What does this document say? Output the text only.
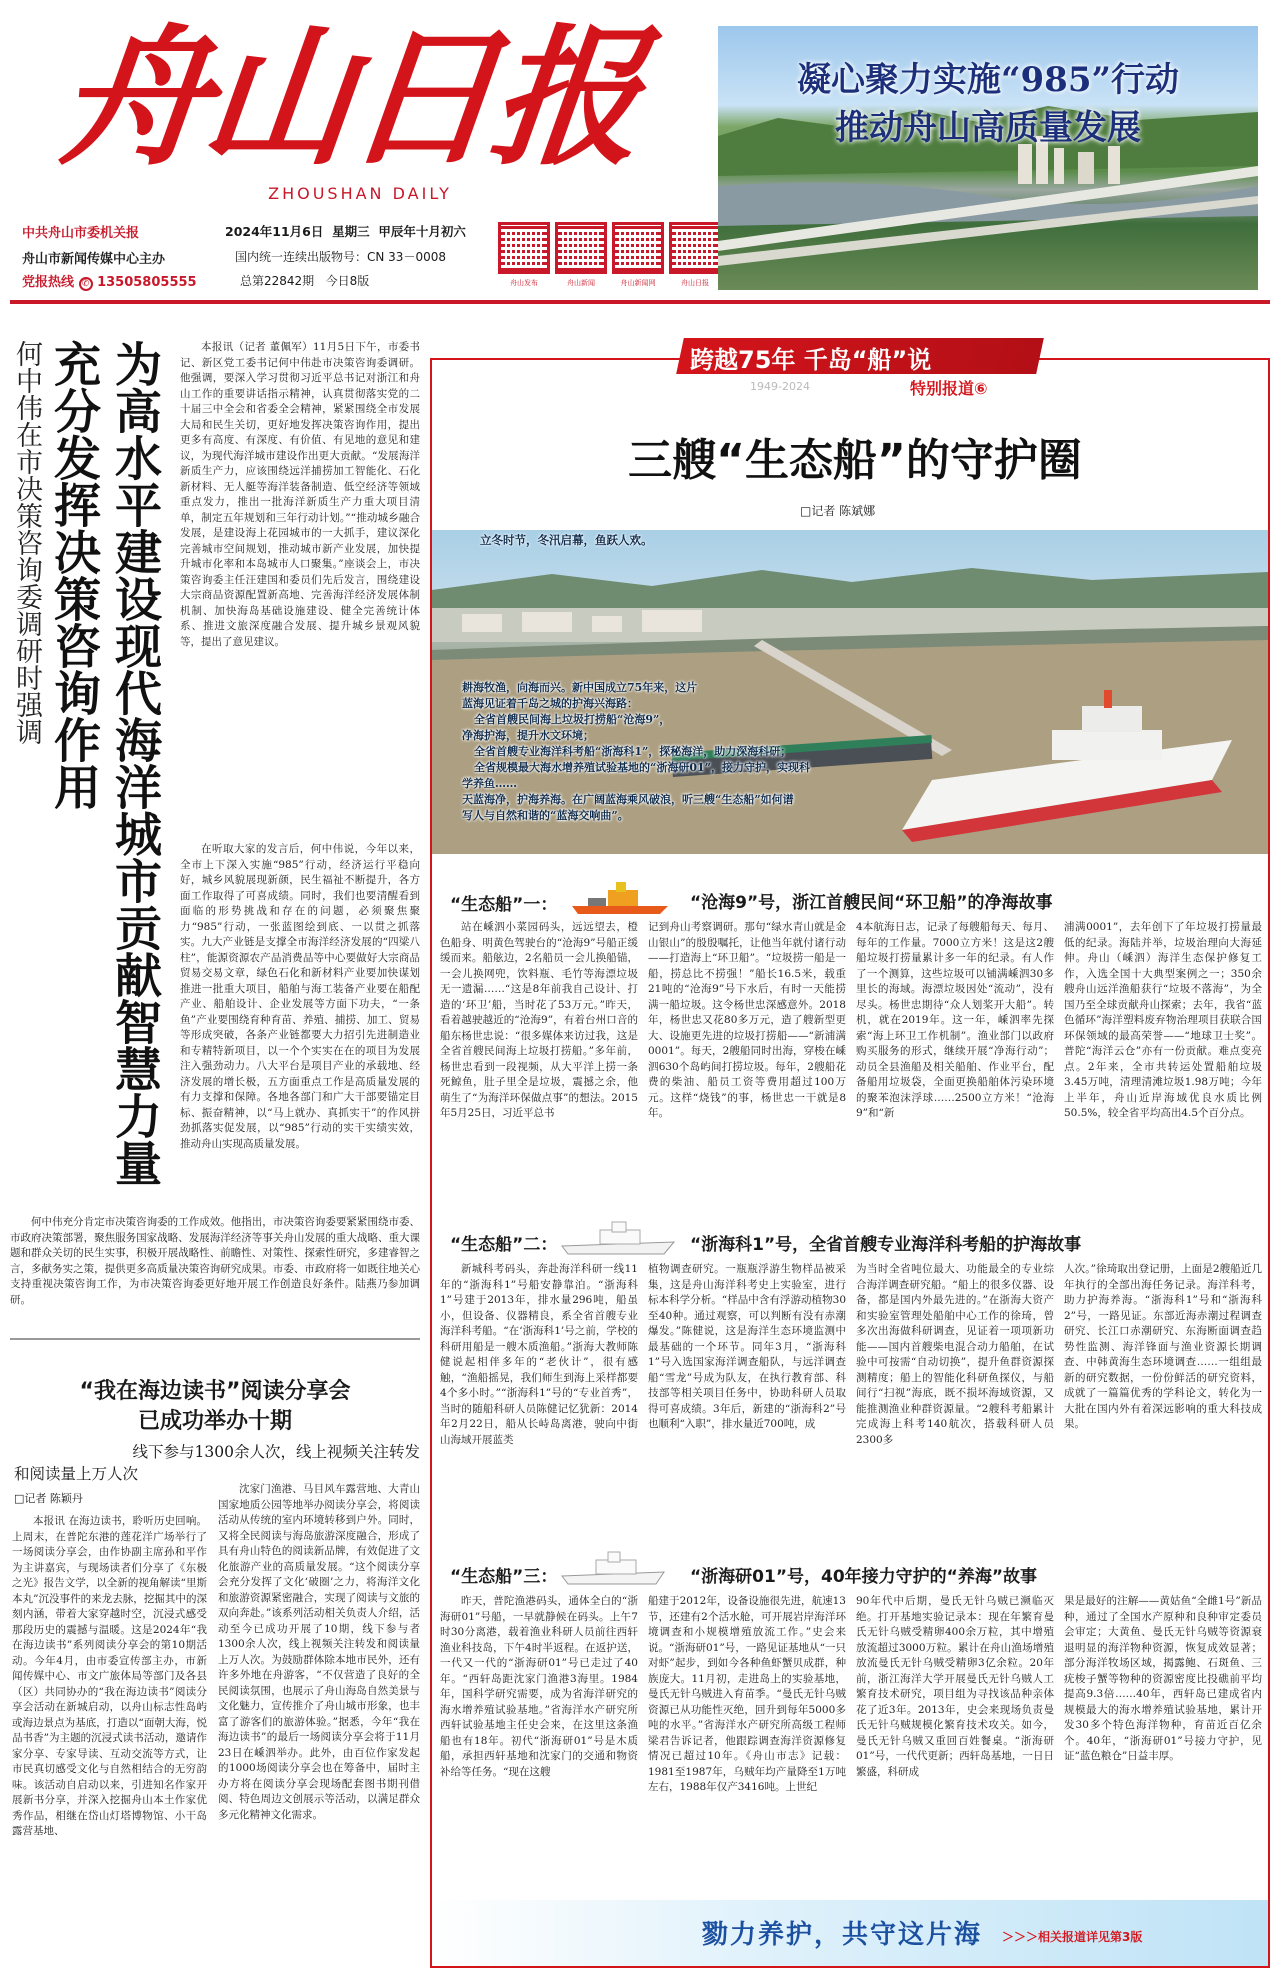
舟山日报
ZHOUSHAN DAILY
中共舟山市委机关报
舟山市新闻传媒中心主办
党报热线 ✆ 13505805555
2024年11月6日 星期三 甲辰年十月初六
国内统一连续出版物号：CN 33－0008
总第22842期 今日8版	舟山发布	舟山新闻	舟山新闻网	舟山日报
凝心聚力实施“985”行动
推动舟山高质量发展
何中伟在市决策咨询委调研时强调 充分发挥决策咨询作用 为高水平建设现代海洋城市贡献智慧力量	本报讯（记者 董佩军）11月5日下午，市委书记、新区党工委书记何中伟赴市决策咨询委调研。他强调，要深入学习贯彻习近平总书记对浙江和舟山工作的重要讲话指示精神，认真贯彻落实党的二十届三中全会和省委全会精神，紧紧围绕全市发展大局和民生关切，更好地发挥决策咨询作用，提出更多有高度、有深度、有价值、有见地的意见和建议，为现代海洋城市建设作出更大贡献。“发展海洋新质生产力，应该围绕远洋捕捞加工智能化、石化新材料、无人艇等海洋装备制造、低空经济等领域重点发力，推出一批海洋新质生产力重大项目清单，制定五年规划和三年行动计划。”“推动城乡融合发展，是建设海上花园城市的一大抓手，建议深化完善城市空间规划，推动城市新产业发展，加快提升城市化率和本岛城市人口聚集。”座谈会上，市决策咨询委主任汪建国和委员们先后发言，围绕建设大宗商品资源配置新高地、完善海洋经济发展体制机制、加快海岛基础设施建设、健全完善统计体系、推进文旅深度融合发展、提升城乡景观风貌等，提出了意见建议。

在听取大家的发言后，何中伟说，今年以来，全市上下深入实施“985”行动，经济运行平稳向好，城乡风貌展现新颜，民生福祉不断提升，各方面工作取得了可喜成绩。同时，我们也要清醒看到面临的形势挑战和存在的问题，必须聚焦聚力“985”行动，一张蓝图绘到底、一以贯之抓落实。九大产业链是支撑全市海洋经济发展的“四梁八柱”，能源资源农产品消费品等中心要做好大宗商品贸易交易文章，绿色石化和新材料产业要加快谋划推进一批重大项目，船舶与海工装备产业要在船配产业、船舶设计、企业发展等方面下功夫，“一条鱼”产业要围绕育种育苗、养殖、捕捞、加工、贸易等形成突破，各条产业链都要大力招引先进制造业和专精特新项目，以一个个实实在在的项目为发展注入强劲动力。八大平台是项目产业的承载地、经济发展的增长极，五方面重点工作是高质量发展的有力支撑和保障。各地各部门和广大干部要锚定目标、振奋精神，以“马上就办、真抓实干”的作风拼劲抓落实促发展，以“985”行动的实干实绩实效，推动舟山实现高质量发展。

何中伟充分肯定市决策咨询委的工作成效。他指出，市决策咨询委要紧紧围绕市委、市政府决策部署，聚焦服务国家战略、发展海洋经济等事关舟山发展的重大战略、重大课题和群众关切的民生实事，积极开展战略性、前瞻性、对策性、探索性研究，多建睿智之言，多献务实之策，提供更多高质量决策咨询研究成果。市委、市政府将一如既往地关心支持重视决策咨询工作，为市决策咨询委更好地开展工作创造良好条件。陆燕乃参加调研。

“我在海边读书”阅读分享会
已成功举办十期
线下参与1300余人次，线上视频关注转发
和阅读量上万人次
□记者 陈颖丹

本报讯 在海边读书，聆听历史回响。上周末，在普陀东港的莲花洋广场举行了一场阅读分享会，由作协副主席孙和平作为主讲嘉宾，与现场读者们分享了《东极之光》报告文学，以全新的视角解读“里斯本丸”沉没事件的来龙去脉，挖掘其中的深刻内涵，带着大家穿越时空，沉浸式感受那段历史的震撼与温暖。这是2024年“我在海边读书”系列阅读分享会的第10期活动。今年4月，由市委宣传部主办，市新闻传媒中心、市文广旅体局等部门及各县（区）共同协办的“我在海边读书”阅读分享会活动在新城启动，以舟山标志性岛屿或海边景点为基底，打造以“面朝大海，悦品书香”为主题的沉浸式读书活动，邀请作家分享、专家导读、互动交流等方式，让市民真切感受文化与自然相结合的无穷韵味。该活动自启动以来，引进知名作家开展新书分享，并深入挖掘舟山本土作家优秀作品，相继在岱山灯塔博物馆、小干岛露营基地、

沈家门渔港、马目风车露营地、大青山国家地质公园等地举办阅读分享会，将阅读活动从传统的室内环境转移到户外。同时，又将全民阅读与海岛旅游深度融合，形成了具有舟山特色的阅读新品牌，有效促进了文化旅游产业的高质量发展。“这个阅读分享会充分发挥了文化‘破圈’之力，将海洋文化和旅游资源紧密融合，实现了阅读与文旅的双向奔赴。”该系列活动相关负责人介绍，活动至今已成功开展了10期，线下参与者1300余人次，线上视频关注转发和阅读量上万人次。为鼓励群体除本地市民外，还有许多外地在舟游客，“不仅营造了良好的全民阅读氛围，也展示了舟山海岛自然美景与文化魅力，宣传推介了舟山城市形象，也丰富了游客们的旅游体验。”据悉，今年“我在海边读书”的最后一场阅读分享会将于11月23日在嵊泗举办。此外，由百位作家发起的1000场阅读分享会也在筹备中，届时主办方将在阅读分享会现场配套图书期刊借阅、特色周边文创展示等活动，以满足群众多元化精神文化需求。

跨越75年 千岛“船”说
1949-2024	特别报道⑥
三艘“生态船”的守护圈
□记者 陈斌娜
立冬时节，冬汛启幕，鱼跃人欢。
耕海牧渔，向海而兴。新中国成立75年来，这片
蓝海见证着千岛之城的护海兴海路：
全省首艘民间海上垃圾打捞船“沧海9”，
净海护海，提升水文环境；
全省首艘专业海洋科考船“浙海科1”，探秘海洋，助力深海科研；
全省规模最大海水增养殖试验基地的“浙海研01”，接力守护，实现科
学养鱼……
天蓝海净，护海养海。在广阔蓝海乘风破浪，听三艘“生态船”如何谱
写人与自然和谐的“蓝海交响曲”。
“生态船”一：	“沧海9”号，浙江首艘民间“环卫船”的净海故事

站在嵊泗小菜园码头，远远望去，橙色船身、明黄色驾驶台的“沧海9”号船正缓缓而来。船舷边，2名船员一会儿换船锚，一会儿换网兜，饮料瓶、毛竹等海漂垃圾无一遗漏……“这是8年前我自己设计、打造的‘环卫’船，当时花了53万元。”昨天，看着越驶越近的“沧海9”，有着台州口音的船东杨世忠说：“很多媒体来访过我，这是全省首艘民间海上垃圾打捞船。”多年前，杨世忠看到一段视频，从大平洋上捞一条死鲸鱼，肚子里全是垃圾，震撼之余，他萌生了“为海洋环保做点事”的想法。2015年5月25日，习近平总书

记到舟山考察调研。那句“绿水青山就是金山银山”的殷殷嘱托，让他当年就付诸行动——打造海上“环卫船”。“垃圾捞一船是一船，捞总比不捞强！”船长16.5米，载重21吨的“沧海9”号下水后，有时一天能捞满一船垃圾。这令杨世忠深感意外。2018年，杨世忠又花80多万元，造了艘新型更大、设施更先进的垃圾打捞船——“新浦满0001”。每天，2艘船同时出海，穿梭在嵊泗630个岛屿间打捞垃圾。每年，2艘船花费的柴油、船员工资等费用超过100万元。这样“烧钱”的事，杨世忠一干就是8年。

4本航海日志，记录了每艘船每天、每月、每年的工作量。7000立方米！这是这2艘船垃圾打捞量累计多一年的纪录。有人作了一个测算，这些垃圾可以铺满嵊泗30多里长的海域。海漂垃圾因处“流动”，没有尽头。杨世忠期待“众人划桨开大船”。转机，就在2019年。这一年，嵊泗率先探索“海上环卫工作机制”。渔业部门以政府购买服务的形式，继续开展“净海行动”；动员全县渔船及相关船舶、作业平台，配备船用垃圾袋，全面更换船舶体污染环境的聚苯泡沫浮球……2500立方米！“沧海9”和“新

浦满0001”，去年创下了年垃圾打捞量最低的纪录。海陆并举，垃圾治理向大海延伸。舟山（嵊泗）海洋生态保护修复工作，入选全国十大典型案例之一；350余艘舟山远洋渔船获行“垃圾不落海”，为全国乃至全球贡献舟山探索；去年，我省“蓝色循环”海洋塑料废弃物治理项目获联合国环保领域的最高荣誉——“地球卫士奖”。普陀“海洋云仓”亦有一份贡献。难点变亮点。2年来，全市共转运处置船舶垃圾3.45万吨，清理清滩垃圾1.98万吨；今年上半年，舟山近岸海域优良水质比例50.5%，较全省平均高出4.5个百分点。

“生态船”二：	“浙海科1”号，全省首艘专业海洋科考船的护海故事

新城科考码头，奔赴海洋科研一线11年的“浙海科1”号船安静靠泊。“浙海科1”号建于2013年，排水量296吨，船虽小，但设备、仪器精良，系全省首艘专业海洋科考船。“在‘浙海科1’号之前，学校的科研用船是一艘木质渔船。”浙海大教师陈健说起相伴多年的“老伙计”，很有感触，“渔船摇晃，我们师生到海上采样都要4个多小时。”“浙海科1”号的“专业首秀”，当时的随船科研人员陈健记忆犹新：2014年2月22日，船从长峙岛离港，驶向中街山海域开展蓝类

植物调查研究。一瓶瓶浮游生物样品被采集，这是舟山海洋科考史上实验室，进行标本科学分析。“样品中含有浮游动植物30至40种。通过观察，可以判断有没有赤潮爆发。”陈健说，这是海洋生态环境监测中最基础的一个环节。同年3月，“浙海科1”号入选国家海洋调查船队，与远洋调查船“雪龙”号成为队友，在执行教育部、科技部等相关项目任务中，协助科研人员取得可喜成绩。3年后，新建的“浙海科2”号也顺利“入职”，排水量近700吨，成

为当时全省吨位最大、功能最全的专业综合海洋调查研究船。“船上的很多仪器、设备，都是国内外最先进的。”在浙海大资产和实验室管理处船舶中心工作的徐琦，曾多次出海做科研调查，见证着一项项新功能——国内首艘柴电混合动力船舶，在试验中可按需“自动切换”，提升鱼群资源探测精度；船上的智能化科研鱼探仪，与船间行“扫视”海底，既不损坏海域资源，又能推测渔业种群资源量。“2艘科考船累计完成海上科考140航次，搭载科研人员2300多

人次。”徐琦取出登记册，上面是2艘船近几年执行的全部出海任务记录。海洋科考，助力护海养海。“浙海科1”号和“浙海科2”号，一路见证。东部近海赤潮过程调查研究、长江口赤潮研究、东海断面调查趋势性监测、海洋锋面与渔业资源长期调查、中韩黄海生态环境调查……一组组最新的研究数据，一份份鲜活的研究资料，成就了一篇篇优秀的学科论文，转化为一大批在国内外有着深远影响的重大科技成果。

“生态船”三：	“浙海研01”号，40年接力守护的“养海”故事

昨天，普陀渔港码头，通体全白的“浙海研01”号船，一早就静候在码头。上午7时30分离港，载着渔业科研人员前往西轩渔业科技岛，下午4时半返程。在返护送，一代又一代的“浙海研01”号已走过了40年。“西轩岛距沈家门渔港3海里。1984年，国科学研究需要，成为省海洋研究的海水增养殖试验基地。”省海洋水产研究所西轩试验基地主任史会来，在这里这条渔船也有18年。初代“浙海研01”号是木质船，承担西轩基地和沈家门的交通和物资补给等任务。“现在这艘

船建于2012年，设备设施很先进，航速13节，还建有2个活水舱，可开展岩岸海洋环境调查和小规模增殖放流工作。”史会来说。“浙海研01”号，一路见证基地从“一只对虾”起步，到如今各种鱼虾蟹贝成群，种族庞大。11月初，走进岛上的实验基地，曼氏无针乌贼进入育苗季。“曼氏无针乌贼资源已从功能性灭绝，回升到每年5000多吨的水平。”省海洋水产研究所高级工程师梁君告诉记者，他跟踪调查海洋资源修复情况已超过10年。《舟山市志》记载：1981至1987年，乌贼年均产量降至1万吨左右，1988年仅产3416吨。上世纪

90年代中后期，曼氏无针乌贼已濒临灭绝。打开基地实验记录本：现在年繁育曼氏无针乌贼受精卵400余万粒，其中增殖放流超过3000万粒。累计在舟山渔场增殖放流曼氏无针乌贼受精卵3亿余粒。20年前，浙江海洋大学开展曼氏无针乌贼人工繁育技术研究，项目组为寻找该品种亲体花了近3年。2013年，史会来现场负责曼氏无针乌贼规模化繁育技术攻关。如今，曼氏无针乌贼又重回百姓餐桌。“浙海研01”号，一代代更新；西轩岛基地，一日日繁盛，科研成

果是最好的注解——黄姑鱼“全雌1号”新品种，通过了全国水产原种和良种审定委员会审定；大黄鱼、曼氏无针乌贼等资源衰退明显的海洋物种资源，恢复成效显著；部分海洋牧场区域，揭露鲍、石斑鱼、三疣梭子蟹等物种的资源密度比投礁前平均提高9.3倍……40年，西轩岛已建成省内规模最大的海水增养殖试验基地，累计开发30多个特色海洋物种，育苗近百亿余个。40年，“浙海研01”号接力守护，见证“蓝色粮仓”日益丰厚。

勠力养护，共守这片海 ＞＞＞相关报道详见第3版
